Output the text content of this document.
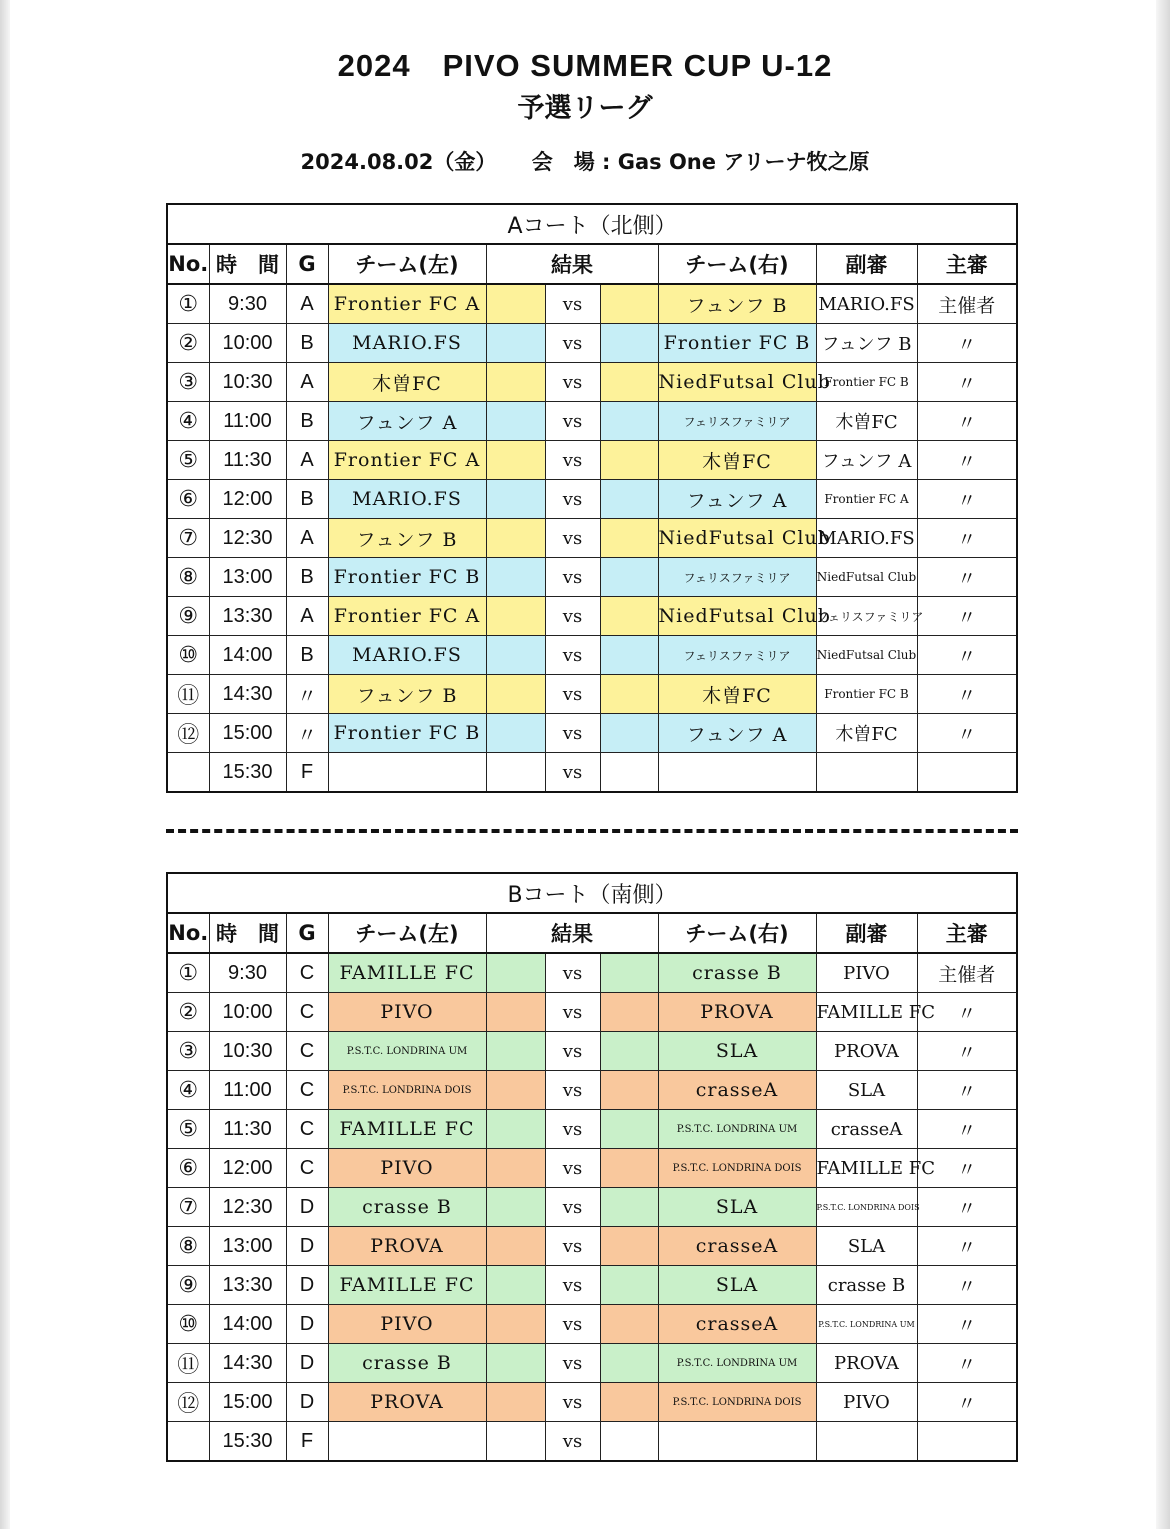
2024　PIVO SUMMER CUP U-12
予選リーグ
2024.08.02（金） 会　場 : Gas One アリーナ牧之原
Aコート（北側）									
No.	時　間	G	チーム(左)	結果			チーム(右)	副審	主審
①	9:30	A	Frontier FC A		vs		フュンフ B	MARIO.FS	主催者
②	10:00	B	MARIO.FS		vs		Frontier FC B	フュンフ B	〃
③	10:30	A	木曽FC		vs		NiedFutsal Club	Frontier FC B	〃
④	11:00	B	フュンフ A		vs		フェリスファミリア	木曽FC	〃
⑤	11:30	A	Frontier FC A		vs		木曽FC	フュンフ A	〃
⑥	12:00	B	MARIO.FS		vs		フュンフ A	Frontier FC A	〃
⑦	12:30	A	フュンフ B		vs		NiedFutsal Club	MARIO.FS	〃
⑧	13:00	B	Frontier FC B		vs		フェリスファミリア	NiedFutsal Club	〃
⑨	13:30	A	Frontier FC A		vs		NiedFutsal Club	フェリスファミリア	〃
⑩	14:00	B	MARIO.FS		vs		フェリスファミリア	NiedFutsal Club	〃
⑪	14:30	〃	フュンフ B		vs		木曽FC	Frontier FC B	〃
⑫	15:00	〃	Frontier FC B		vs		フュンフ A	木曽FC	〃
	15:30	F			vs				
Bコート（南側）									
No.	時　間	G	チーム(左)	結果			チーム(右)	副審	主審
①	9:30	C	FAMILLE FC		vs		crasse B	PIVO	主催者
②	10:00	C	PIVO		vs		PROVA	FAMILLE FC	〃
③	10:30	C	P.S.T.C. LONDRINA UM		vs		SLA	PROVA	〃
④	11:00	C	P.S.T.C. LONDRINA DOIS		vs		crasseA	SLA	〃
⑤	11:30	C	FAMILLE FC		vs		P.S.T.C. LONDRINA UM	crasseA	〃
⑥	12:00	C	PIVO		vs		P.S.T.C. LONDRINA DOIS	FAMILLE FC	〃
⑦	12:30	D	crasse B		vs		SLA	P.S.T.C. LONDRINA DOIS	〃
⑧	13:00	D	PROVA		vs		crasseA	SLA	〃
⑨	13:30	D	FAMILLE FC		vs		SLA	crasse B	〃
⑩	14:00	D	PIVO		vs		crasseA	P.S.T.C. LONDRINA UM	〃
⑪	14:30	D	crasse B		vs		P.S.T.C. LONDRINA UM	PROVA	〃
⑫	15:00	D	PROVA		vs		P.S.T.C. LONDRINA DOIS	PIVO	〃
	15:30	F			vs				
